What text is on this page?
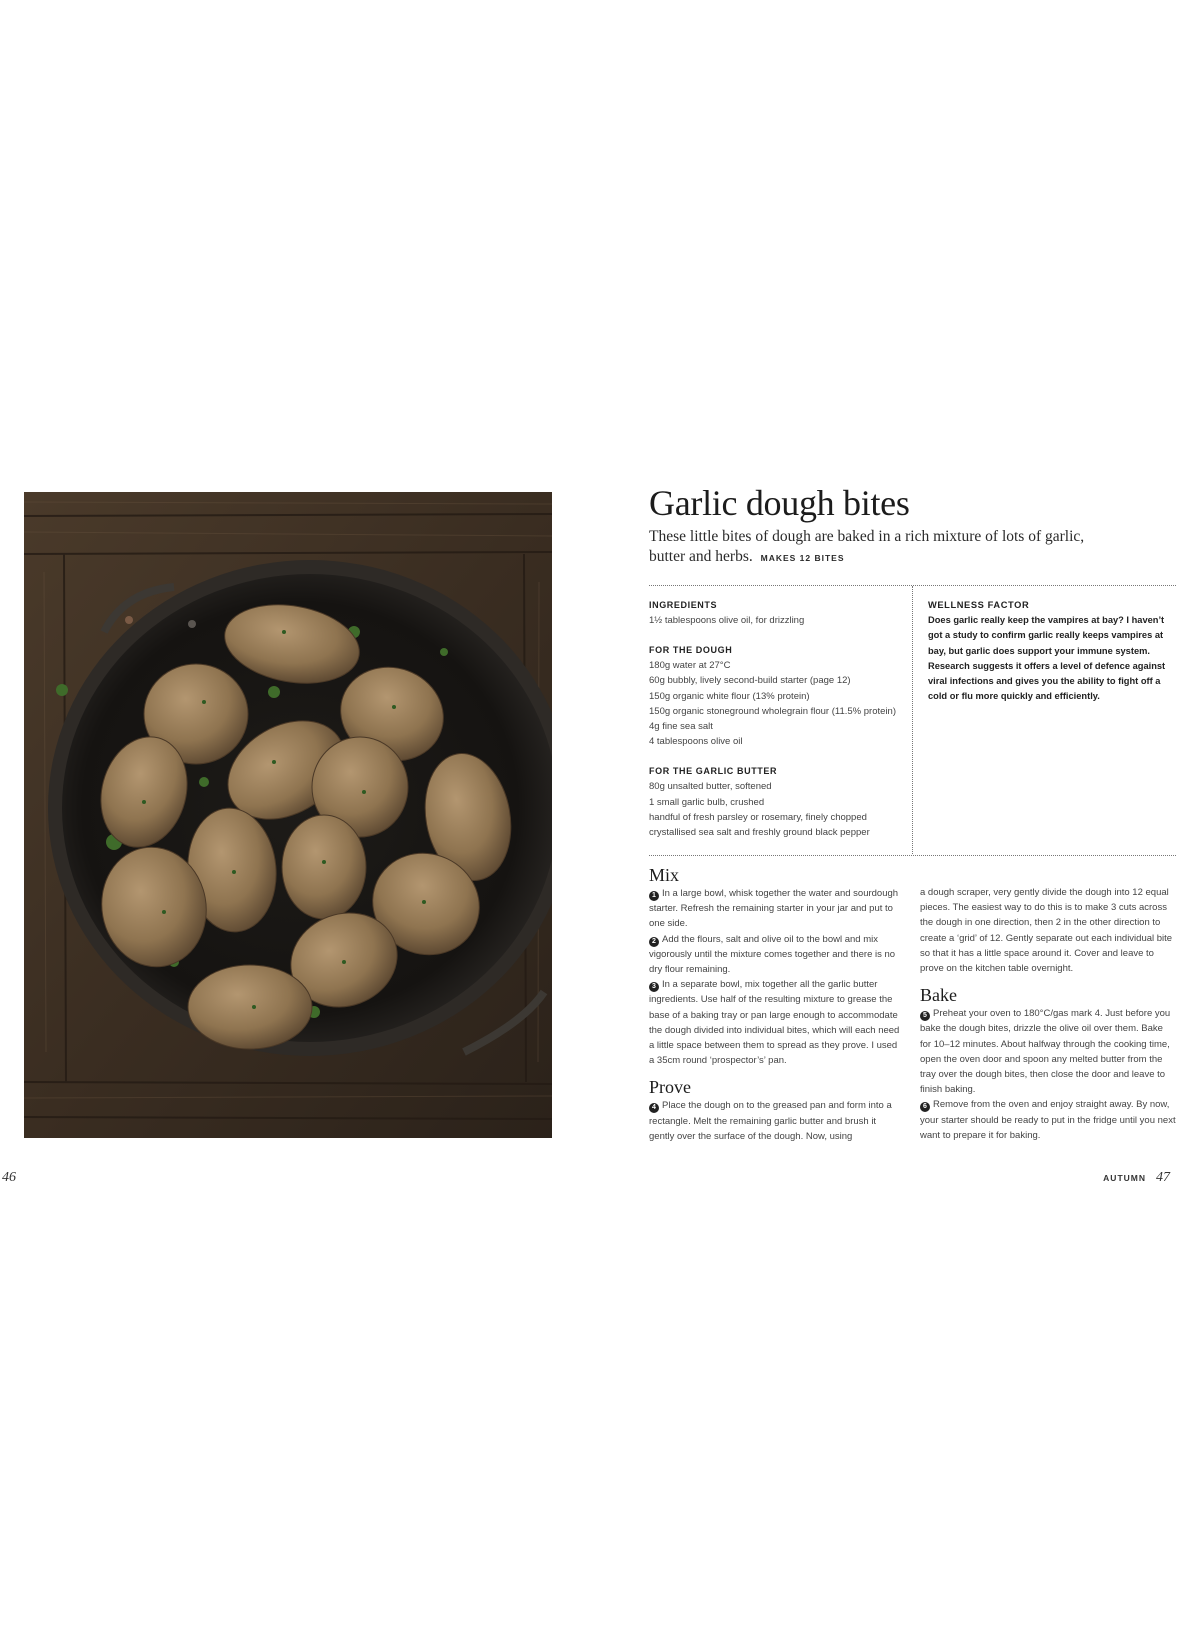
Garlic dough bites
These little bites of dough are baked in a rich mixture of lots of garlic, butter and herbs. MAKES 12 BITES

INGREDIENTS

1½ tablespoons olive oil, for drizzling

FOR THE DOUGH

180g water at 27°C
60g bubbly, lively second-build starter (page 12)
150g organic white flour (13% protein)
150g organic stoneground wholegrain flour (11.5% protein)
4g fine sea salt
4 tablespoons olive oil

FOR THE GARLIC BUTTER

80g unsalted butter, softened
1 small garlic bulb, crushed
handful of fresh parsley or rosemary, finely chopped
crystallised sea salt and freshly ground black pepper

WELLNESS FACTOR

Does garlic really keep the vampires at bay? I haven’t got a study to confirm garlic really keeps vampires at bay, but garlic does support your immune system. Research suggests it offers a level of defence against viral infections and gives you the ability to fight off a cold or flu more quickly and efficiently.

Mix

1 In a large bowl, whisk together the water and sourdough starter. Refresh the remaining starter in your jar and put to one side.

2 Add the flours, salt and olive oil to the bowl and mix vigorously until the mixture comes together and there is no dry flour remaining.

3 In a separate bowl, mix together all the garlic butter ingredients. Use half of the resulting mixture to grease the base of a baking tray or pan large enough to accommodate the dough divided into individual bites, which will each need a little space between them to spread as they prove. I used a 35cm round ‘prospector’s’ pan.

Prove

4 Place the dough on to the greased pan and form into a rectangle. Melt the remaining garlic butter and brush it gently over the surface of the dough. Now, using

a dough scraper, very gently divide the dough into 12 equal pieces. The easiest way to do this is to make 3 cuts across the dough in one direction, then 2 in the other direction to create a ‘grid’ of 12. Gently separate out each individual bite so that it has a little space around it. Cover and leave to prove on the kitchen table overnight.

Bake

5 Preheat your oven to 180°C/gas mark 4. Just before you bake the dough bites, drizzle the olive oil over them. Bake for 10–12 minutes. About halfway through the cooking time, open the oven door and spoon any melted butter from the tray over the dough bites, then close the door and leave to finish baking.

6 Remove from the oven and enjoy straight away. By now, your starter should be ready to put in the fridge until you next want to prepare it for baking.

46	AUTUMN 47
